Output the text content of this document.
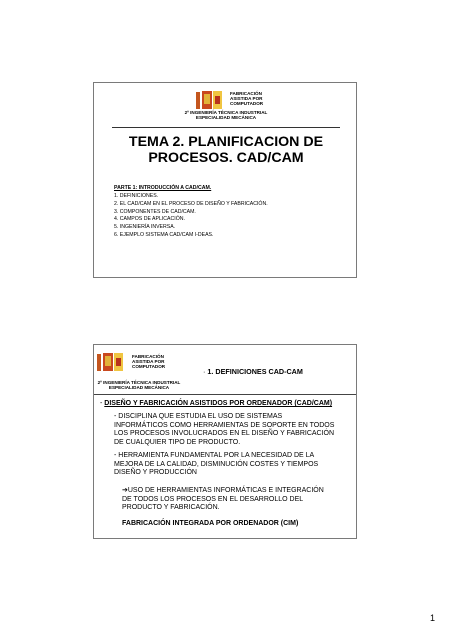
FABRICACIÓN
ASISTIDA POR
COMPUTADOR
2º INGENIERÍA TÉCNICA INDUSTRIAL
ESPECIALIDAD MECÁNICA
TEMA 2. PLANIFICACION DE
PROCESOS. CAD/CAM
PARTE 1: INTRODUCCIÓN A CAD/CAM.
1. DEFINICIONES.
2. EL CAD/CAM EN EL PROCESO DE DISEÑO Y FABRICACIÓN.
3. COMPONENTES DE CAD/CAM.
4. CAMPOS DE APLICACIÓN.
5. INGENIERÍA INVERSA.
6. EJEMPLO SISTEMA CAD/CAM I-DEAS.
FABRICACIÓN
ASISTIDA POR
COMPUTADOR
2º INGENIERÍA TÉCNICA INDUSTRIAL
ESPECIALIDAD MECÁNICA
· 1. DEFINICIONES CAD-CAM
- DISEÑO Y FABRICACIÓN ASISTIDOS POR ORDENADOR (CAD/CAM)
- DISCIPLINA QUE ESTUDIA EL USO DE SISTEMAS
INFORMÁTICOS COMO HERRAMIENTAS DE SOPORTE EN TODOS
LOS PROCESOS INVOLUCRADOS EN EL DISEÑO Y FABRICACIÓN
DE CUALQUIER TIPO DE PRODUCTO.
- HERRAMIENTA FUNDAMENTAL POR LA NECESIDAD DE LA
MEJORA DE LA CALIDAD, DISMINUCIÓN COSTES Y TIEMPOS
DISEÑO Y PRODUCCIÓN
➔USO DE HERRAMIENTAS INFORMÁTICAS E INTEGRACIÓN
DE TODOS LOS PROCESOS EN EL DESARROLLO DEL
PRODUCTO Y FABRICACIÓN.
FABRICACIÓN INTEGRADA POR ORDENADOR (CIM)
1
